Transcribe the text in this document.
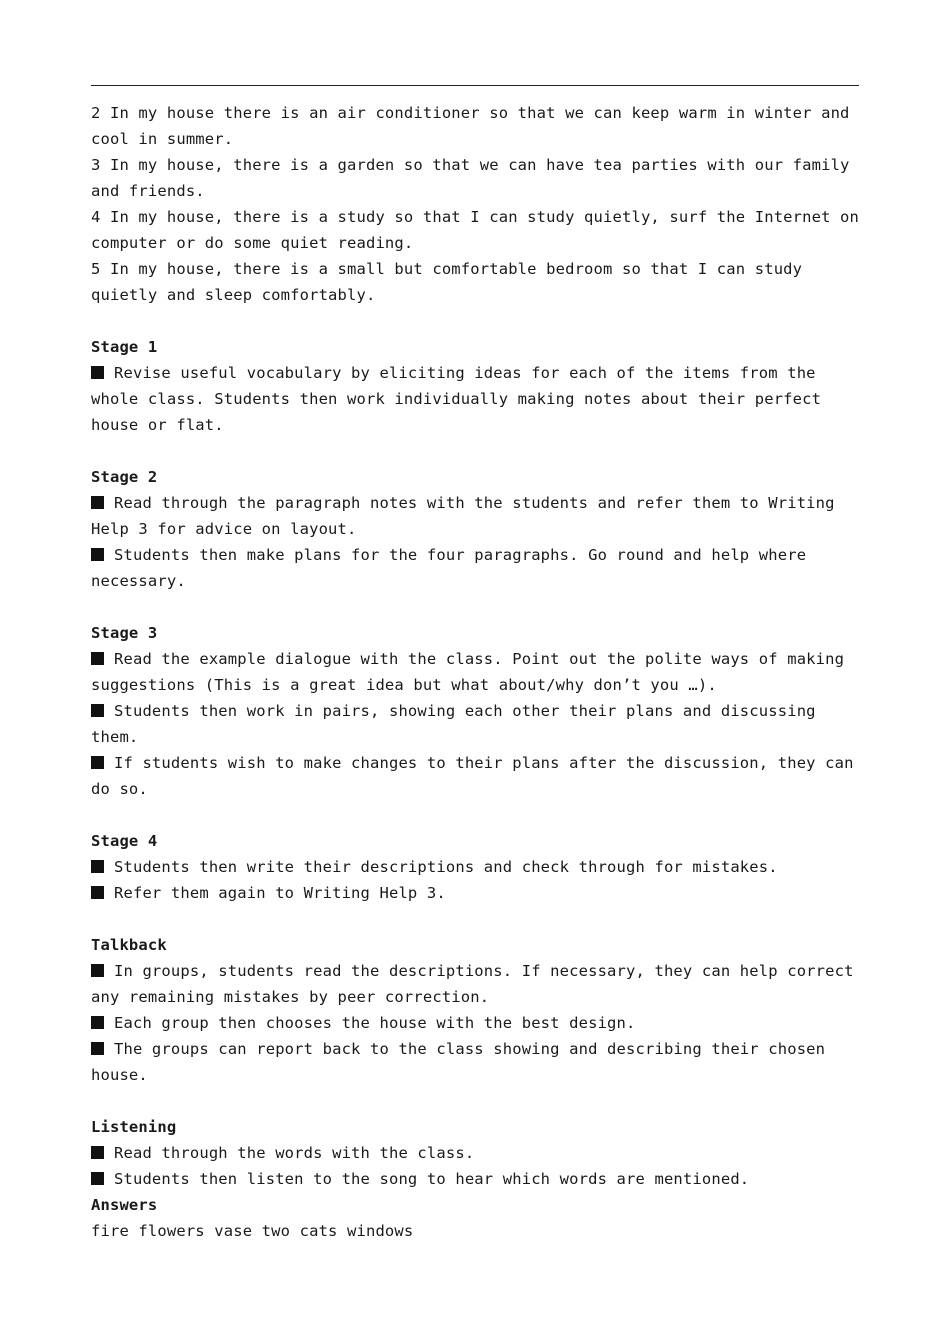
2 In my house there is an air conditioner so that we can keep warm in winter and cool in summer.

3 In my house, there is a garden so that we can have tea parties with our family and friends.

4 In my house, there is a study so that I can study quietly, surf the Internet on computer or do some quiet reading.

5 In my house, there is a small but comfortable bedroom so that I can study quietly and sleep comfortably.

Stage 1

Revise useful vocabulary by eliciting ideas for each of the items from the whole class. Students then work individually making notes about their perfect house or flat.

Stage 2

Read through the paragraph notes with the students and refer them to Writing Help 3 for advice on layout.

Students then make plans for the four paragraphs. Go round and help where necessary.

Stage 3

Read the example dialogue with the class. Point out the polite ways of making suggestions (This is a great idea but what about/why don’t you …).

Students then work in pairs, showing each other their plans and discussing them.

If students wish to make changes to their plans after the discussion, they can do so.

Stage 4

Students then write their descriptions and check through for mistakes.

Refer them again to Writing Help 3.

Talkback

In groups, students read the descriptions. If necessary, they can help correct any remaining mistakes by peer correction.

Each group then chooses the house with the best design.

The groups can report back to the class showing and describing their chosen house.

Listening

Read through the words with the class.

Students then listen to the song to hear which words are mentioned.

Answers

fire flowers vase two cats windows
